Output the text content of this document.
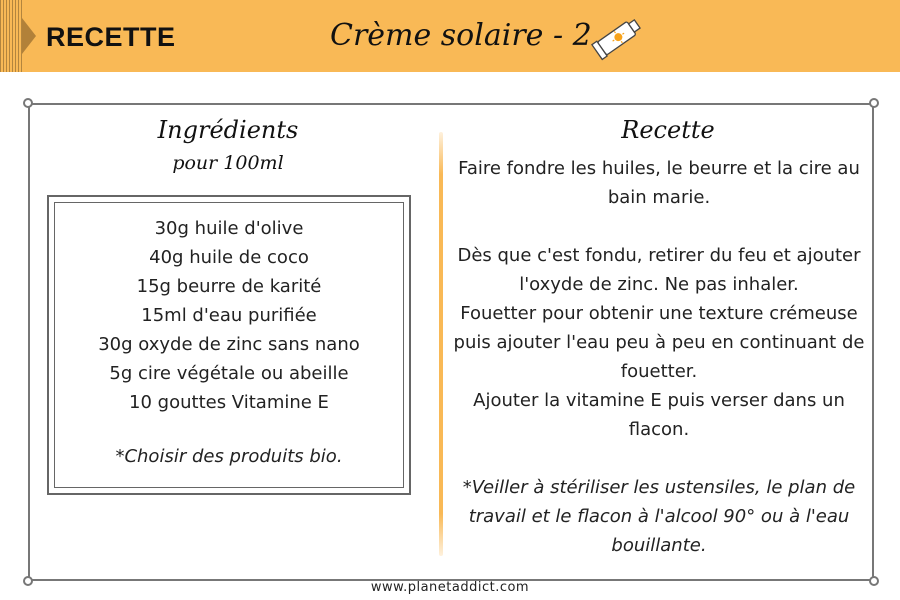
RECETTE	Crème solaire - 2
Ingrédients
pour 100ml
30g huile d'olive
40g huile de coco
15g beurre de karité
15ml d'eau purifiée
30g oxyde de zinc sans nano
5g cire végétale ou abeille
10 gouttes Vitamine E
*Choisir des produits bio.
Recette
Faire fondre les huiles, le beurre et la cire au bain marie.
Dès que c'est fondu, retirer du feu et ajouter l'oxyde de zinc. Ne pas inhaler.
Fouetter pour obtenir une texture crémeuse puis ajouter l'eau peu à peu en continuant de fouetter.
Ajouter la vitamine E puis verser dans un flacon.
*Veiller à stériliser les ustensiles, le plan de travail et le flacon à l'alcool 90° ou à l'eau bouillante.
www.planetaddict.com
